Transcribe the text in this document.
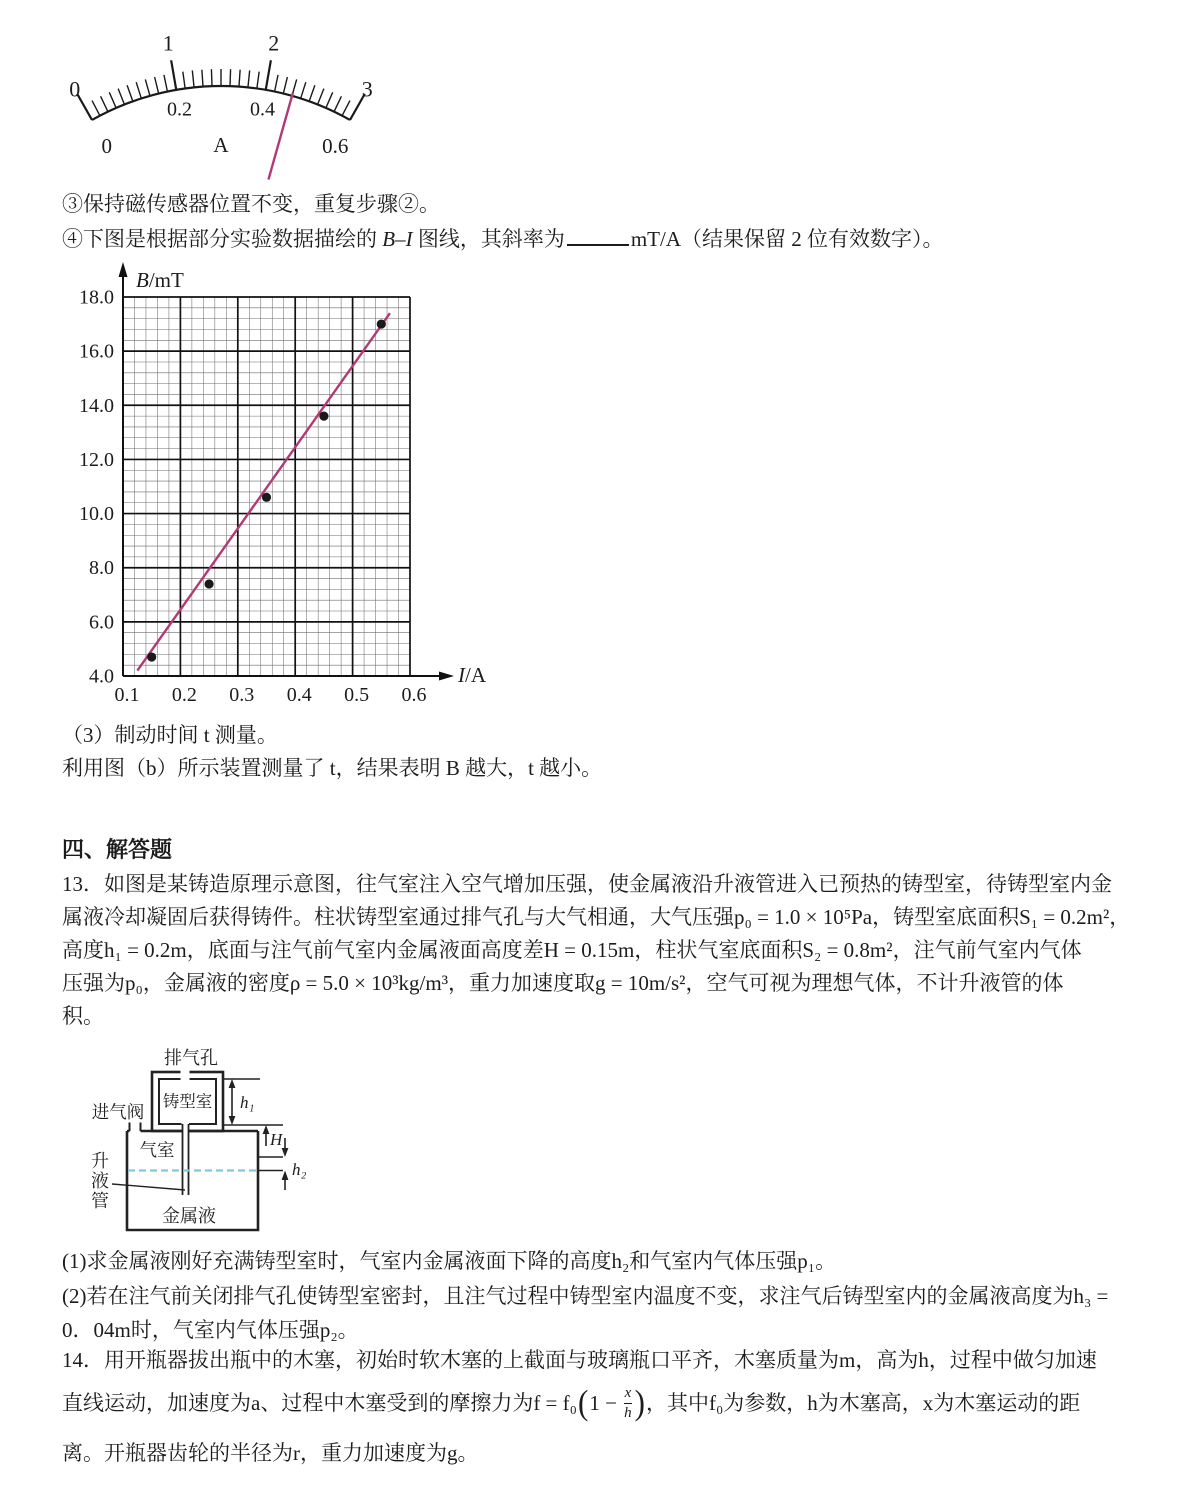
0
1	2
3
0.2	0.4
0	A	0.6
③保持磁传感器位置不变，重复步骤②。
④下图是根据部分实验数据描绘的 B–I 图线，其斜率为	mT/A（结果保留 2 位有效数字）。
18.0
16.0
14.0
12.0
10.0
8.0
6.0
4.0
0.1 0.2 0.3 0.4 0.5 0.6
B/mT
I/A
（3）制动时间 t 测量。
利用图（b）所示装置测量了 t，结果表明 B 越大，t 越小。
四、解答题
13．如图是某铸造原理示意图，往气室注入空气增加压强，使金属液沿升液管进入已预热的铸型室，待铸型室内金
属液冷却凝固后获得铸件。柱状铸型室通过排气孔与大气相通，大气压强p₀ = 1.0 × 10⁵Pa，铸型室底面积S₁ = 0.2m²，
高度h₁ = 0.2m，底面与注气前气室内金属液面高度差H = 0.15m，柱状气室底面积S₂ = 0.8m²，注气前气室内气体
压强为p₀，金属液的密度ρ = 5.0 × 10³kg/m³，重力加速度取g = 10m/s²，空气可视为理想气体，不计升液管的体
积。
排气孔
铸型室
进气阀
气室
升
液
管
金属液
h₁
H
h₂
(1)求金属液刚好充满铸型室时，气室内金属液面下降的高度h₂和气室内气体压强p₁。
(2)若在注气前关闭排气孔使铸型室密封，且注气过程中铸型室内温度不变，求注气后铸型室内的金属液高度为h₃ =
0．04m时，气室内气体压强p₂。
14．用开瓶器拔出瓶中的木塞，初始时软木塞的上截面与玻璃瓶口平齐，木塞质量为m，高为h，过程中做匀加速
直线运动，加速度为a、过程中木塞受到的摩擦力为f = f₀ ( $1 - \frac{x}{h}$ ) ，其中f₀为参数，h为木塞高，x为木塞运动的距
离。开瓶器齿轮的半径为r，重力加速度为g。
